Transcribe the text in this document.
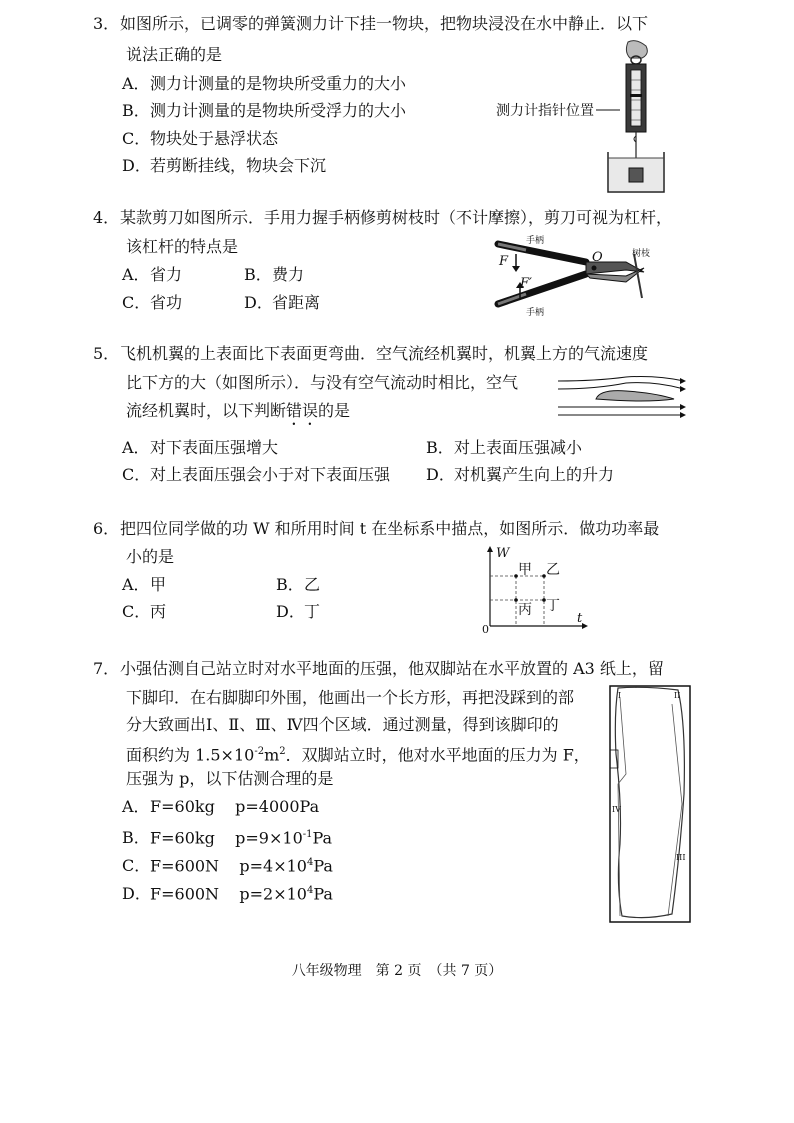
3． 如图所示，已调零的弹簧测力计下挂一物块，把物块浸没在水中静止．以下
说法正确的是
A．测力计测量的是物块所受重力的大小
B．测力计测量的是物块所受浮力的大小
C．物块处于悬浮状态
D．若剪断挂线，物块会下沉
测力计指针位置
4． 某款剪刀如图所示．手用力握手柄修剪树枝时（不计摩擦），剪刀可视为杠杆，
该杠杆的特点是
A．省力	B．费力
C．省功	D．省距离
手柄
手柄
树枝
O
F
F′
5． 飞机机翼的上表面比下表面更弯曲．空气流经机翼时，机翼上方的气流速度
比下方的大（如图所示）．与没有空气流动时相比，空气
流经机翼时，以下判断错误的是
A．对下表面压强增大	B．对上表面压强减小
C．对上表面压强会小于对下表面压强 D．对机翼产生向上的升力
6． 把四位同学做的功 W 和所用时间 t 在坐标系中描点，如图所示．做功功率最
小的是
A．甲	B．乙
C．丙	D．丁
W
t
0
甲 乙
丙 丁
7． 小强估测自己站立时对水平地面的压强，他双脚站在水平放置的 A3 纸上，留
下脚印．在右脚脚印外围，他画出一个长方形，再把没踩到的部
分大致画出Ⅰ、Ⅱ、Ⅲ、Ⅳ四个区域．通过测量，得到该脚印的
面积约为 $1.5\times 10^{-2}m^2$．双脚站立时，他对水平地面的压力为 F，
压强为 p，以下估测合理的是
A．F=60kg    p=4000Pa
B．F=60kg    $p=9\times 10^{-1}Pa$
C．F=600N    $p=4\times 10^4Pa$
D．F=600N    $p=2\times 10^4Pa$
I	II
III
IV
八年级物理　第 2 页　（共 7 页）
